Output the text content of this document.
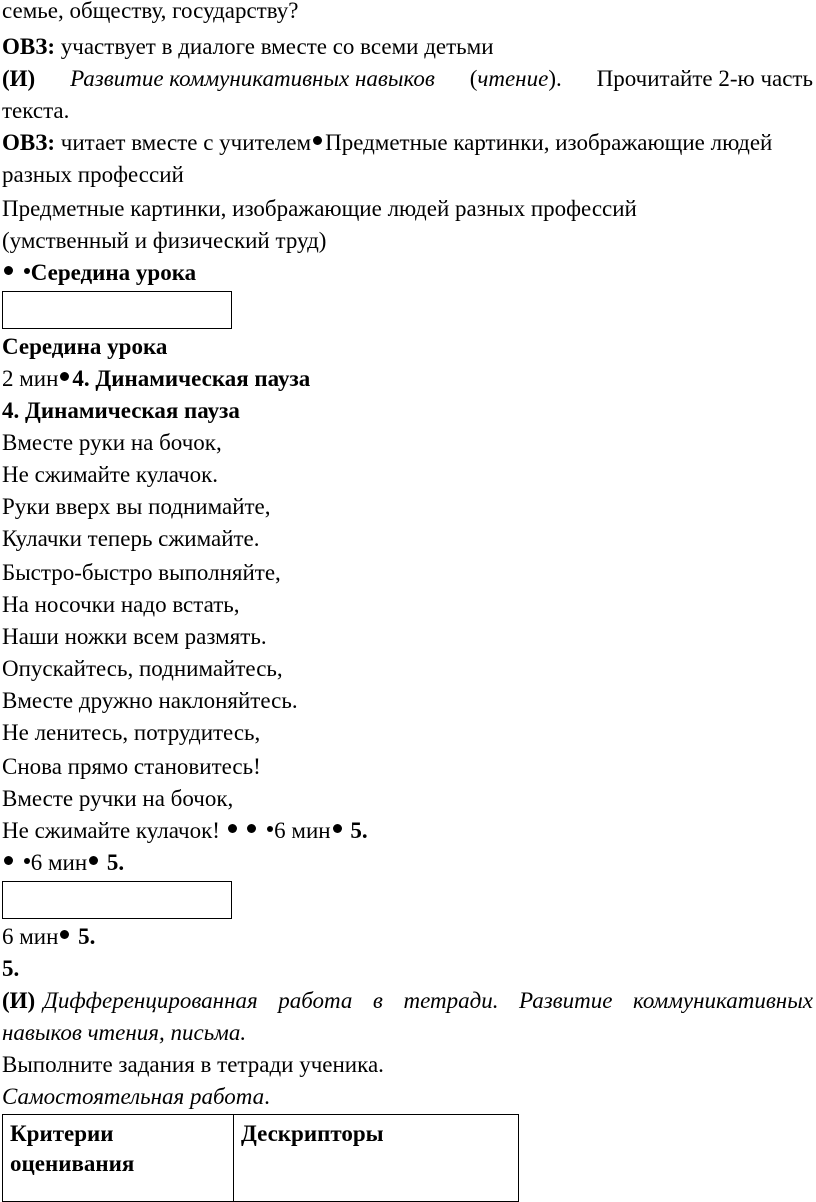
семье, обществу, государству?
ОВЗ: участвует в диалоге вместе со всеми детьми
(И) Развитие коммуникативных навыков (чтение). Прочитайте 2-ю часть
текста.
ОВЗ: читает вместе с учителем Предметные картинки, изображающие людей
разных профессий
Предметные картинки, изображающие людей разных профессий
(умственный и физический труд)
Середина урока
Середина урока
2 мин 4. Динамическая пауза
4. Динамическая пауза
Вместе руки на бочок,
Не сжимайте кулачок.
Руки вверх вы поднимайте,
Кулачки теперь сжимайте.
Быстро-быстро выполняйте,
На носочки надо встать,
Наши ножки всем размять.
Опускайтесь, поднимайтесь,
Вместе дружно наклоняйтесь.
Не ленитесь, потрудитесь,
Снова прямо становитесь!
Вместе ручки на бочок,
Не сжимайте кулачок!   6 мин 5.
6 мин 5.
6 мин 5.
5.
(И) Дифференцированная работа в тетради. Развитие коммуникативных
навыков чтения, письма.
Выполните задания в тетради ученика.
Самостоятельная работа.
Критерии оценивания	Дескрипторы
